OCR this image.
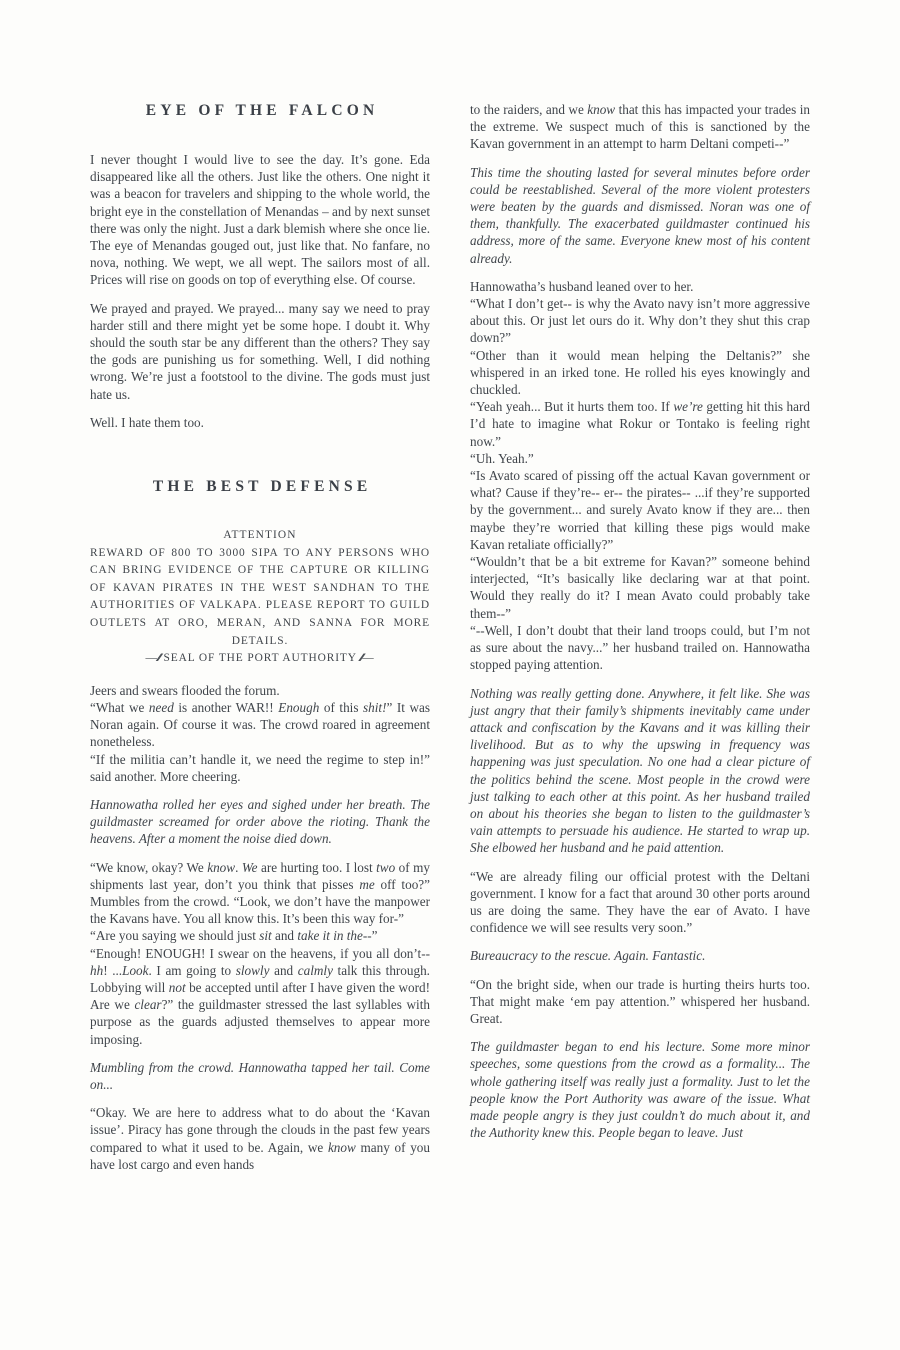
EYE OF THE FALCON

I never thought I would live to see the day. It’s gone. Eda disappeared like all the others. Just like the others. One night it was a beacon for travelers and shipping to the whole world, the bright eye in the constellation of Menandas – and by next sunset there was only the night. Just a dark blemish where she once lie. The eye of Menandas gouged out, just like that. No fanfare, no nova, nothing. We wept, we all wept. The sailors most of all. Prices will rise on goods on top of everything else. Of course.

We prayed and prayed. We prayed... many say we need to pray harder still and there might yet be some hope. I doubt it. Why should the south star be any different than the others? They say the gods are punishing us for something. Well, I did nothing wrong. We’re just a footstool to the divine. The gods must just hate us.

Well. I hate them too.

THE BEST DEFENSE
ATTENTION
REWARD OF 800 TO 3000 SIPA TO ANY PERSONS WHO CAN BRING EVIDENCE OF THE CAPTURE OR KILLING OF KAVAN PIRATES IN THE WEST SANDHAN TO THE AUTHORITIES OF VALKAPA. PLEASE REPORT TO GUILD OUTLETS AT ORO, MERAN, AND SANNA FOR MORE DETAILS.
—∕∕∕∕∕ SEAL OF THE PORT AUTHORITY ∕∕∕∕∕—
Jeers and swears flooded the forum.
“What we need is another WAR!! Enough of this shit!” It was Noran again. Of course it was. The crowd roared in agreement nonetheless.
“If the militia can’t handle it, we need the regime to step in!” said another. More cheering.

Hannowatha rolled her eyes and sighed under her breath. The guildmaster screamed for order above the rioting. Thank the heavens. After a moment the noise died down.

“We know, okay? We know. We are hurting too. I lost two of my shipments last year, don’t you think that pisses me off too?” Mumbles from the crowd. “Look, we don’t have the manpower the Kavans have. You all know this. It’s been this way for-”
“Are you saying we should just sit and take it in the--”
“Enough! ENOUGH! I swear on the heavens, if you all don’t-- hh! ...Look. I am going to slowly and calmly talk this through. Lobbying will not be accepted until after I have given the word! Are we clear?” the guildmaster stressed the last syllables with purpose as the guards adjusted themselves to appear more imposing.

Mumbling from the crowd. Hannowatha tapped her tail. Come on...

“Okay. We are here to address what to do about the ‘Kavan issue’. Piracy has gone through the clouds in the past few years compared to what it used to be. Again, we know many of you have lost cargo and even hands

to the raiders, and we know that this has impacted your trades in the extreme. We suspect much of this is sanctioned by the Kavan government in an attempt to harm Deltani competi--”

This time the shouting lasted for several minutes before order could be reestablished. Several of the more violent protesters were beaten by the guards and dismissed. Noran was one of them, thankfully. The exacerbated guildmaster continued his address, more of the same. Everyone knew most of his content already.

Hannowatha’s husband leaned over to her.
“What I don’t get-- is why the Avato navy isn’t more aggressive about this. Or just let ours do it. Why don’t they shut this crap down?”
“Other than it would mean helping the Deltanis?” she whispered in an irked tone. He rolled his eyes knowingly and chuckled.
“Yeah yeah... But it hurts them too. If we’re getting hit this hard I’d hate to imagine what Rokur or Tontako is feeling right now.”
“Uh. Yeah.”
“Is Avato scared of pissing off the actual Kavan government or what? Cause if they’re-- er-- the pirates-- ...if they’re supported by the government... and surely Avato know if they are... then maybe they’re worried that killing these pigs would make Kavan retaliate officially?”
“Wouldn’t that be a bit extreme for Kavan?” someone behind interjected, “It’s basically like declaring war at that point. Would they really do it? I mean Avato could probably take them--”
“--Well, I don’t doubt that their land troops could, but I’m not as sure about the navy...” her husband trailed on. Hannowatha stopped paying attention.

Nothing was really getting done. Anywhere, it felt like. She was just angry that their family’s shipments inevitably came under attack and confiscation by the Kavans and it was killing their livelihood. But as to why the upswing in frequency was happening was just speculation. No one had a clear picture of the politics behind the scene. Most people in the crowd were just talking to each other at this point. As her husband trailed on about his theories she began to listen to the guildmaster’s vain attempts to persuade his audience. He started to wrap up. She elbowed her husband and he paid attention.

“We are already filing our official protest with the Deltani government. I know for a fact that around 30 other ports around us are doing the same. They have the ear of Avato. I have confidence we will see results very soon.”

Bureaucracy to the rescue. Again. Fantastic.

“On the bright side, when our trade is hurting theirs hurts too. That might make ‘em pay attention.” whispered her husband. Great.

The guildmaster began to end his lecture. Some more minor speeches, some questions from the crowd as a formality... The whole gathering itself was really just a formality. Just to let the people know the Port Authority was aware of the issue. What made people angry is they just couldn’t do much about it, and the Authority knew this. People began to leave. Just
